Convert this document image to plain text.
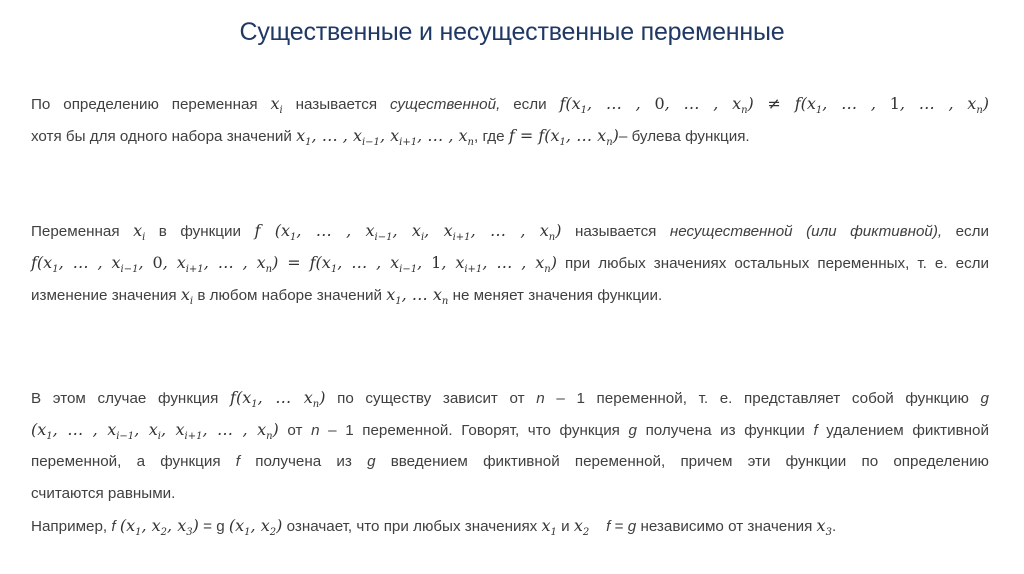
Существенные и несущественные переменные
По определению переменная $x_i$ называется существенной, если $f(x_1$, … , 0, … , $x_n) \ne f(x_1$, … , 1, … , $x_n$)
хотя бы для одного набора значений $x_1$, … , $x_{i-1}$, $x_{i+1}$, … , $x_n$, где $f = f(x_1$, … $x_n)-$ булева функция.
Переменная $x_i$ в функции f ($x_1$, … , $x_{i-1}$, $x_i$, $x_{i+1}$, … , $x_n$) называется несущественной (или фиктивной), если
$f(x_1$, … , $x_{i-1}$, 0, $x_{i+1}$, … , $x_n) = f(x_1$, … , $x_{i-1}$, 1, $x_{i+1}$, … , $x_n$) при любых значениях остальных переменных, т. е. если
изменение значения $x_i$ в любом наборе значений $x_1$, … $x_n$ не меняет значения функции.
В этом случае функция $f(x_1$, … $x_n$) по существу зависит от n – 1 переменной, т. е. представляет собой функцию g
($x_1$, … , $x_{i-1}$, $x_i$, $x_{i+1}$, … , $x_n$) от n – 1 переменной. Говорят, что функция g получена из функции f удалением фиктивной
переменной, а функция f получена из g введением фиктивной переменной, причем эти функции по определению
считаются равными.
Например, f ($x_1$, $x_2$, $x_3) = g$ ($x_1$, $x_2$) означает, что при любых значениях $x_1$ и $x_2$ f = g независимо от значения $x_3$.
